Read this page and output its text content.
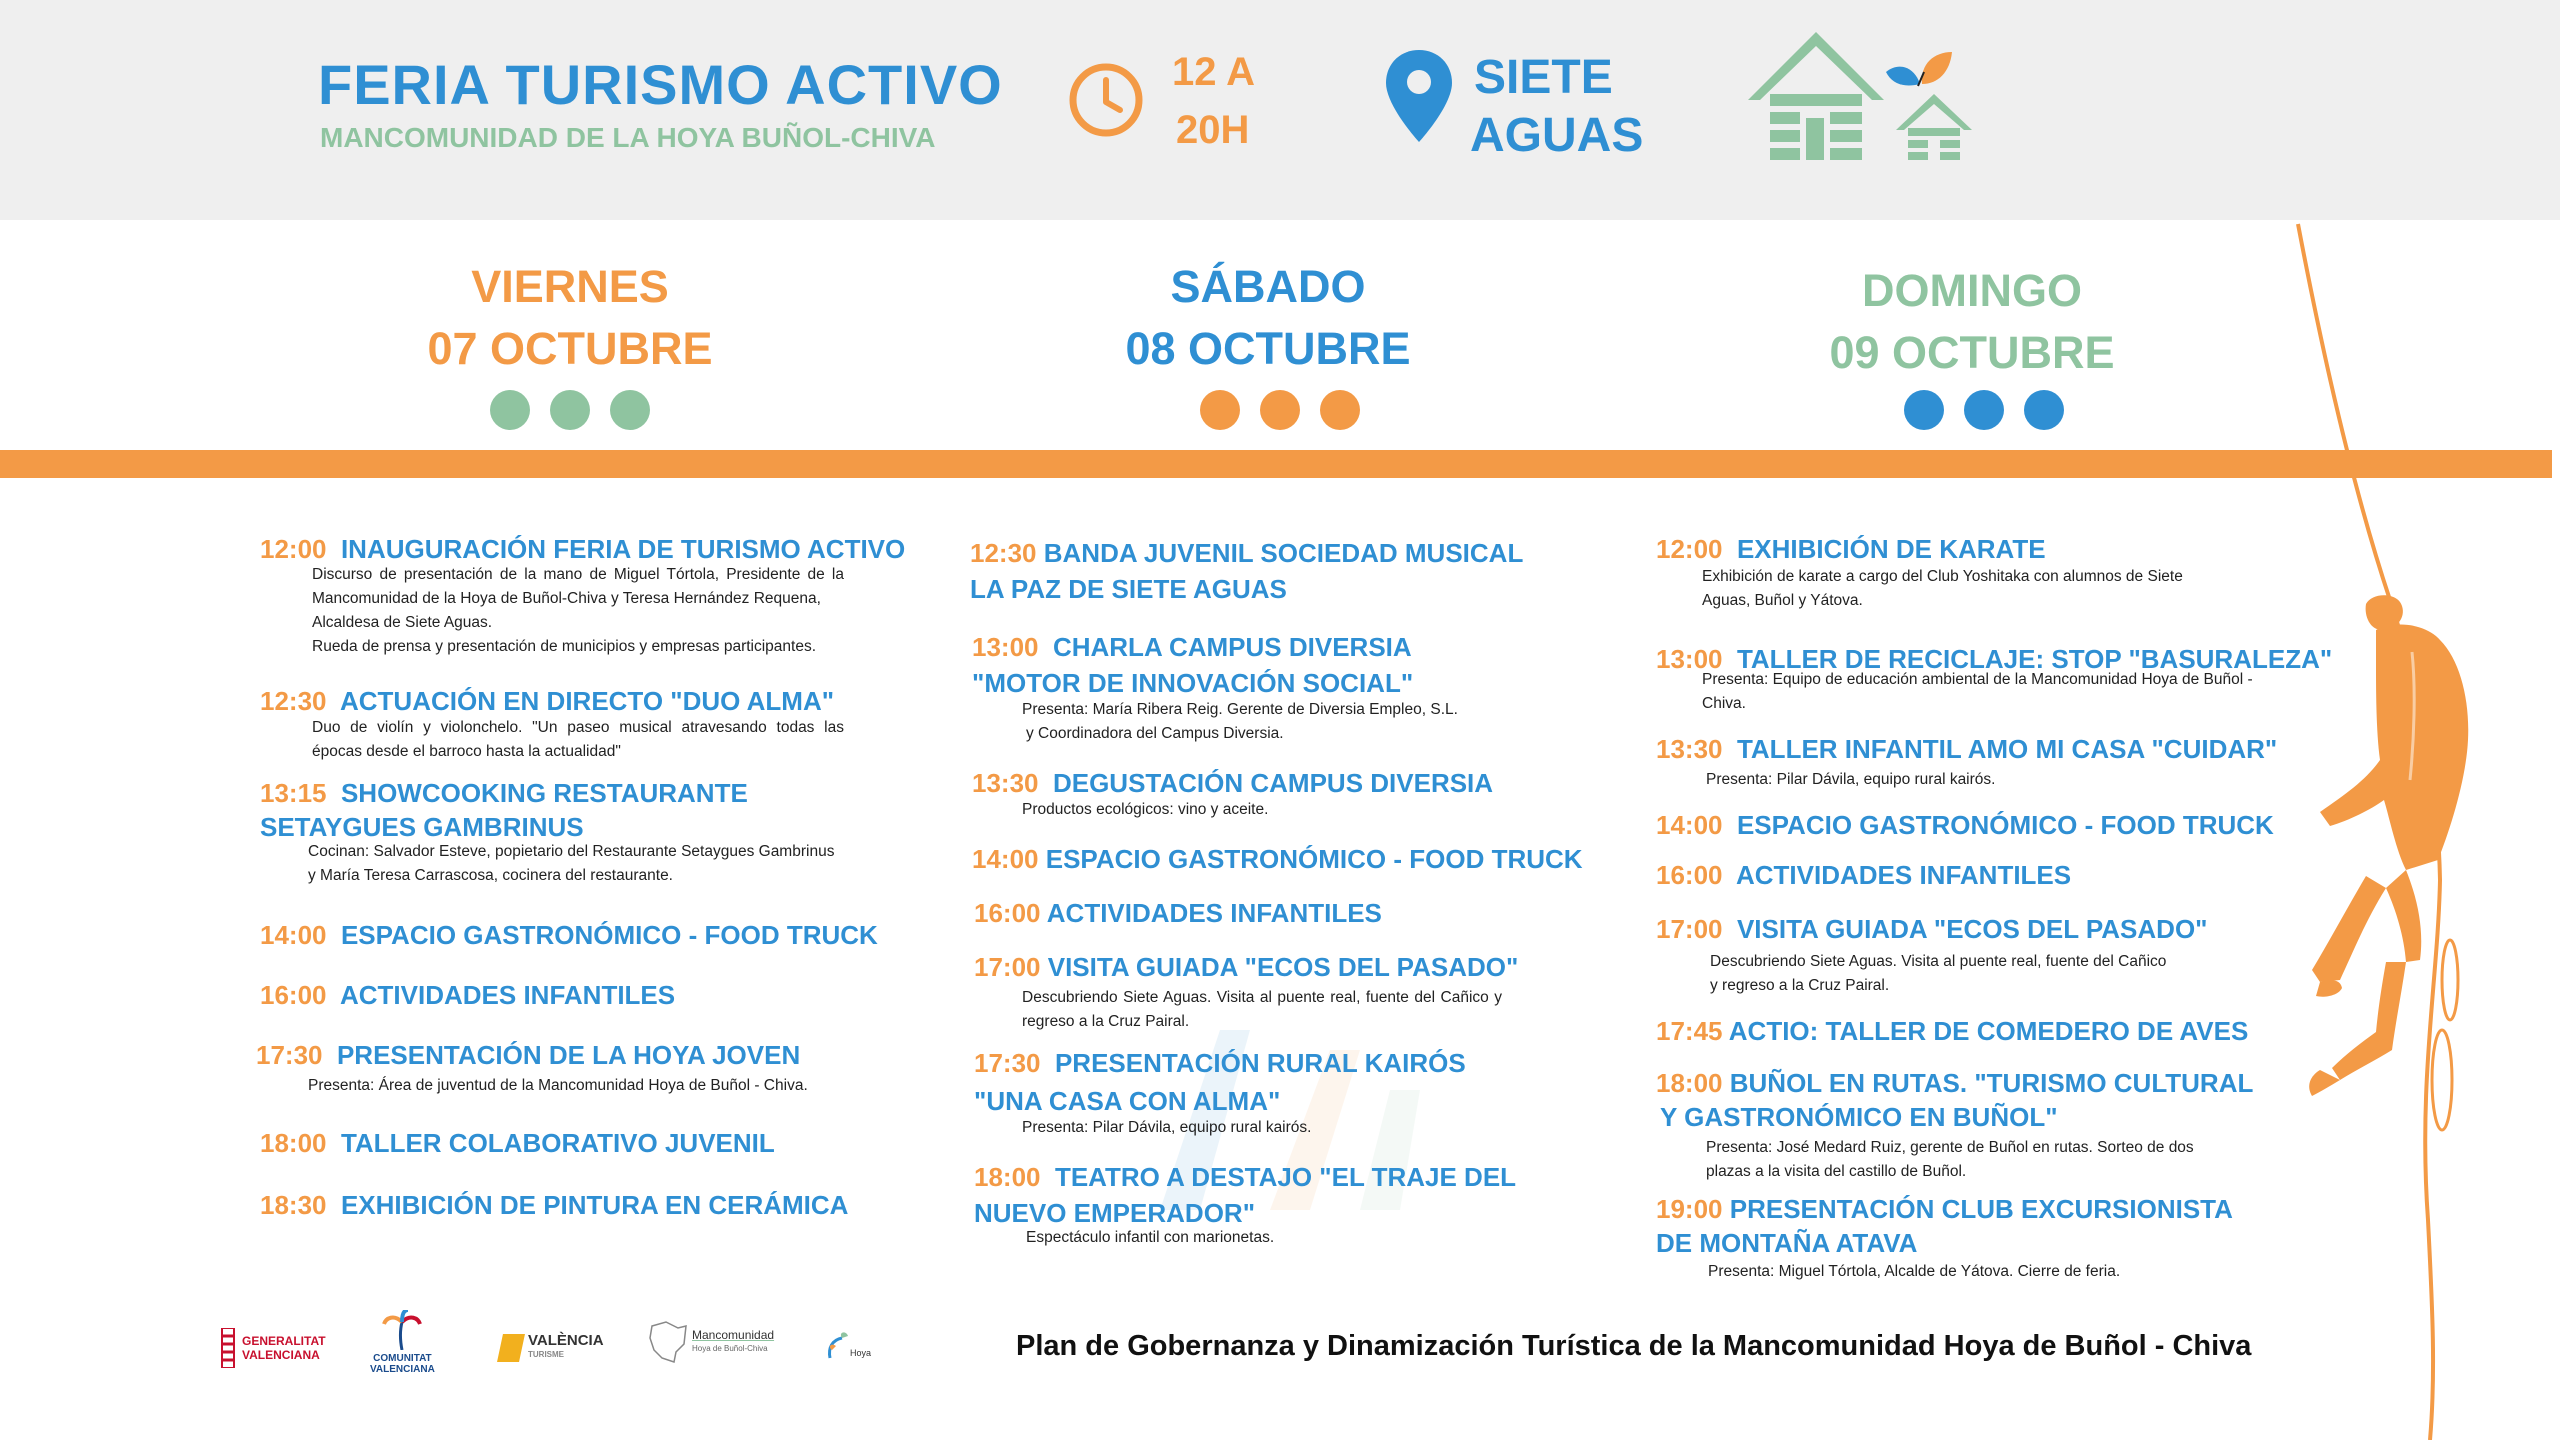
FERIA TURISMO ACTIVO
MANCOMUNIDAD DE LA HOYA BUÑOL-CHIVA
12 A
20H
SIETE
AGUAS
VIERNES
07 OCTUBRE
SÁBADO
08 OCTUBRE
DOMINGO
09 OCTUBRE
12:00 INAUGURACIÓN FERIA DE TURISMO ACTIVO
Discurso de presentación de la mano de Miguel Tórtola, Presidente de la
Mancomunidad de la Hoya de Buñol-Chiva y Teresa Hernández Requena,
Alcaldesa de Siete Aguas.
Rueda de prensa y presentación de municipios y empresas participantes.
12:30 ACTUACIÓN EN DIRECTO "DUO ALMA"
Duo de violín y violonchelo. "Un paseo musical atravesando todas las
épocas desde el barroco hasta la actualidad"
13:15 SHOWCOOKING RESTAURANTE
SETAYGUES GAMBRINUS
Cocinan: Salvador Esteve, popietario del Restaurante Setaygues Gambrinus
y María Teresa Carrascosa, cocinera del restaurante.
14:00 ESPACIO GASTRONÓMICO - FOOD TRUCK
16:00 ACTIVIDADES INFANTILES
17:30 PRESENTACIÓN DE LA HOYA JOVEN
Presenta: Área de juventud de la Mancomunidad Hoya de Buñol - Chiva.
18:00 TALLER COLABORATIVO JUVENIL
18:30 EXHIBICIÓN DE PINTURA EN CERÁMICA
12:30 BANDA JUVENIL SOCIEDAD MUSICAL
LA PAZ DE SIETE AGUAS
13:00 CHARLA CAMPUS DIVERSIA
"MOTOR DE INNOVACIÓN SOCIAL"
Presenta: María Ribera Reig. Gerente de Diversia Empleo, S.L.
y Coordinadora del Campus Diversia.
13:30 DEGUSTACIÓN CAMPUS DIVERSIA
Productos ecológicos: vino y aceite.
14:00 ESPACIO GASTRONÓMICO - FOOD TRUCK
16:00 ACTIVIDADES INFANTILES
17:00 VISITA GUIADA "ECOS DEL PASADO"
Descubriendo Siete Aguas. Visita al puente real, fuente del Cañico y
regreso a la Cruz Pairal.
17:30 PRESENTACIÓN RURAL KAIRÓS
"UNA CASA CON ALMA"
Presenta: Pilar Dávila, equipo rural kairós.
18:00 TEATRO A DESTAJO "EL TRAJE DEL
NUEVO EMPERADOR"
Espectáculo infantil con marionetas.
12:00 EXHIBICIÓN DE KARATE
Exhibición de karate a cargo del Club Yoshitaka con alumnos de Siete
Aguas, Buñol y Yátova.
13:00 TALLER DE RECICLAJE: STOP "BASURALEZA"
Presenta: Equipo de educación ambiental de la Mancomunidad Hoya de Buñol -
Chiva.
13:30 TALLER INFANTIL AMO MI CASA "CUIDAR"
Presenta: Pilar Dávila, equipo rural kairós.
14:00 ESPACIO GASTRONÓMICO - FOOD TRUCK
16:00 ACTIVIDADES INFANTILES
17:00 VISITA GUIADA "ECOS DEL PASADO"
Descubriendo Siete Aguas. Visita al puente real, fuente del Cañico
y regreso a la Cruz Pairal.
17:45 ACTIO: TALLER DE COMEDERO DE AVES
18:00 BUÑOL EN RUTAS. "TURISMO CULTURAL
Y GASTRONÓMICO EN BUÑOL"
Presenta: José Medard Ruiz, gerente de Buñol en rutas. Sorteo de dos
plazas a la visita del castillo de Buñol.
19:00 PRESENTACIÓN CLUB EXCURSIONISTA
DE MONTAÑA ATAVA
Presenta: Miguel Tórtola, Alcalde de Yátova. Cierre de feria.
GENERALITAT
VALENCIANA	COMUNITAT
VALENCIANA
VALÈNCIA
TURISME
Mancomunidad
Hoya de Buñol-Chiva	Hoya	Plan de Gobernanza y Dinamización Turística de la Mancomunidad Hoya de Buñol - Chiva
